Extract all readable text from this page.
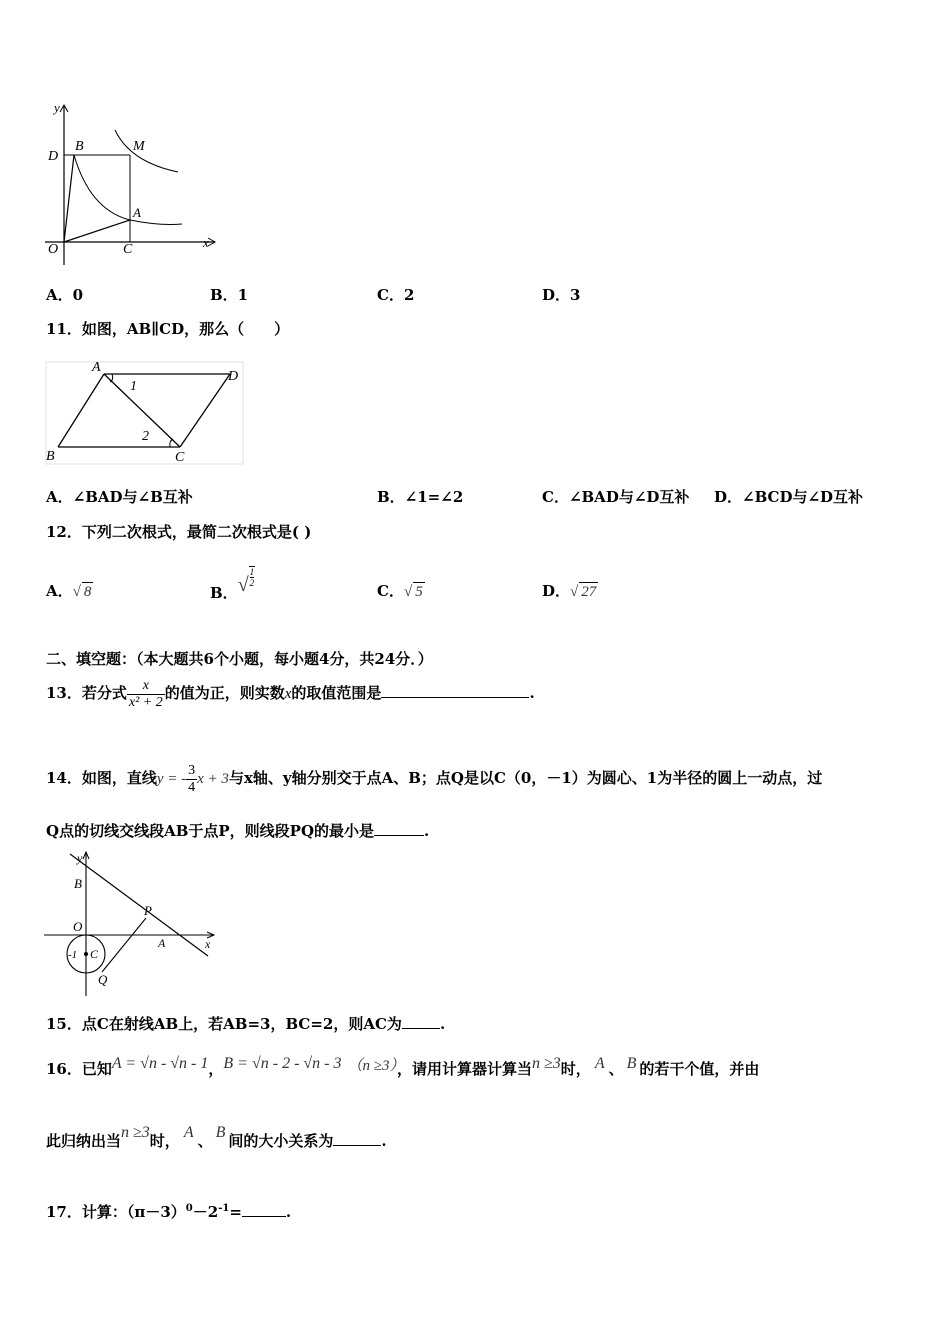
y
x
O	C
D
B	M
A
A．0	B．1	C．2	D．3
11．如图，AB∥CD，那么（　　）
A
D
B	C
1
2
A．∠BAD与∠B互补	B．∠1=∠2	C．∠BAD与∠D互补 D．∠BCD与∠D互补
12．下列二次根式，最简二次根式是( )
A．√ 8	B．√ $\frac{1}{2}$
C．√ 5	D．√ 27
二、填空题：（本大题共6个小题，每小题4分，共24分．）
13．若分式 $\frac{x}{\text{x² + 2}}$ 的值为正，则实数x的取值范围是	.
14．如图，直线y = - $\frac{3}{4}$ x + 3与x轴、y轴分别交于点A、B；点Q是以C（0，－1）为圆心、1为半径的圆上一动点，过
Q点的切线交线段AB于点P，则线段PQ的最小是	.
y
x
B
O
P
A
-1 C
Q
15．点C在射线AB上，若AB=3，BC=2，则AC为	.
16．已知A = √n - √n - 1，B = √n - 2 - √n - 3 （n ≥3），请用计算器计算当n ≥3时， A 、 B 的若干个值，并由
此归纳出当n ≥3时， A 、 B 间的大小关系为	.
17．计算：$(\pi-3)^0-2^{-1}=$	.
